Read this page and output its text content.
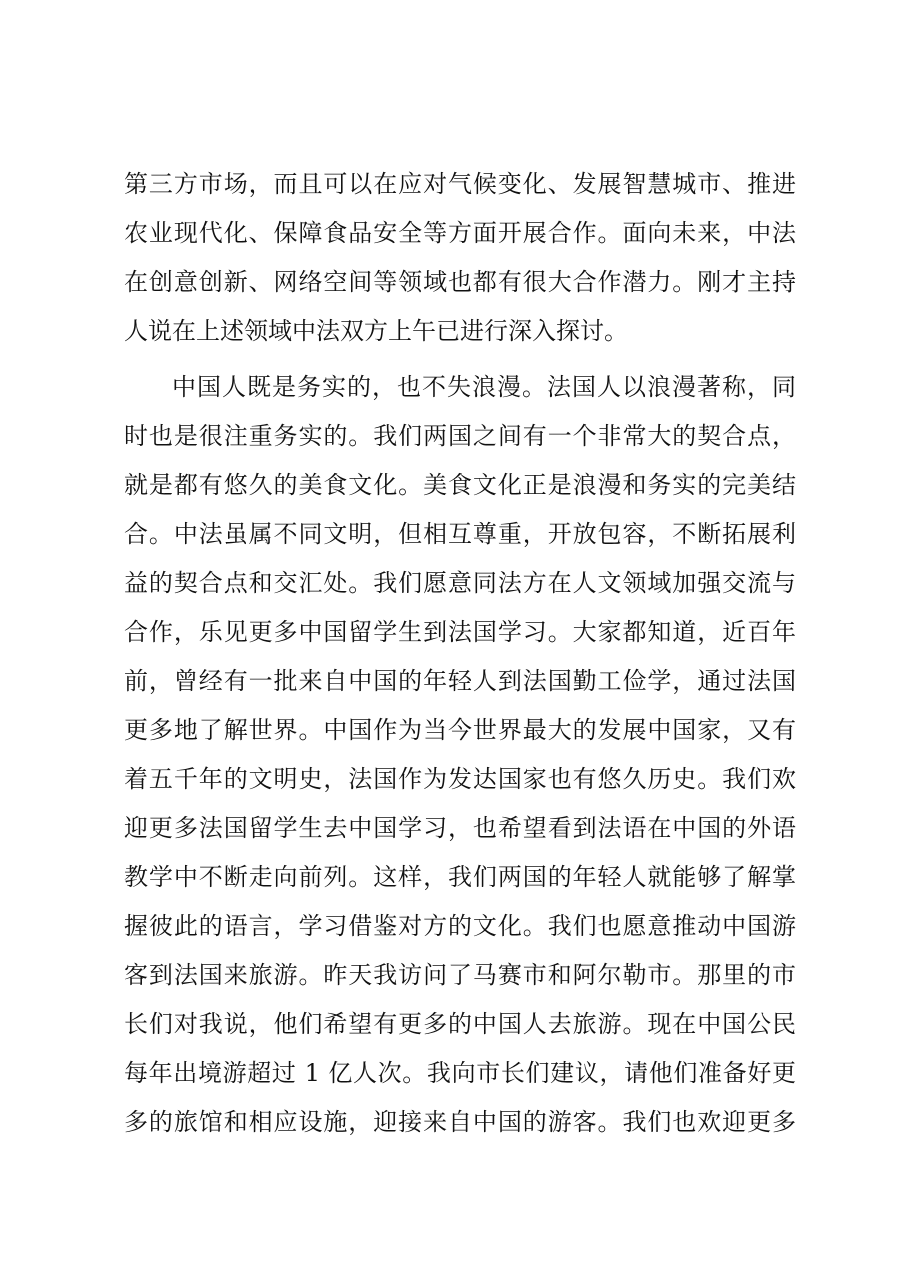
第三方市场，而且可以在应对气候变化、发展智慧城市、推进
农业现代化、保障食品安全等方面开展合作。面向未来，中法
在创意创新、网络空间等领域也都有很大合作潜力。刚才主持
人说在上述领域中法双方上午已进行深入探讨。
中国人既是务实的，也不失浪漫。法国人以浪漫著称，同
时也是很注重务实的。我们两国之间有一个非常大的契合点，
就是都有悠久的美食文化。美食文化正是浪漫和务实的完美结
合。中法虽属不同文明，但相互尊重，开放包容，不断拓展利
益的契合点和交汇处。我们愿意同法方在人文领域加强交流与
合作，乐见更多中国留学生到法国学习。大家都知道，近百年
前，曾经有一批来自中国的年轻人到法国勤工俭学，通过法国
更多地了解世界。中国作为当今世界最大的发展中国家，又有
着五千年的文明史，法国作为发达国家也有悠久历史。我们欢
迎更多法国留学生去中国学习，也希望看到法语在中国的外语
教学中不断走向前列。这样，我们两国的年轻人就能够了解掌
握彼此的语言，学习借鉴对方的文化。我们也愿意推动中国游
客到法国来旅游。昨天我访问了马赛市和阿尔勒市。那里的市
长们对我说，他们希望有更多的中国人去旅游。现在中国公民
每年出境游超过 1 亿人次。我向市长们建议，请他们准备好更
多的旅馆和相应设施，迎接来自中国的游客。我们也欢迎更多
